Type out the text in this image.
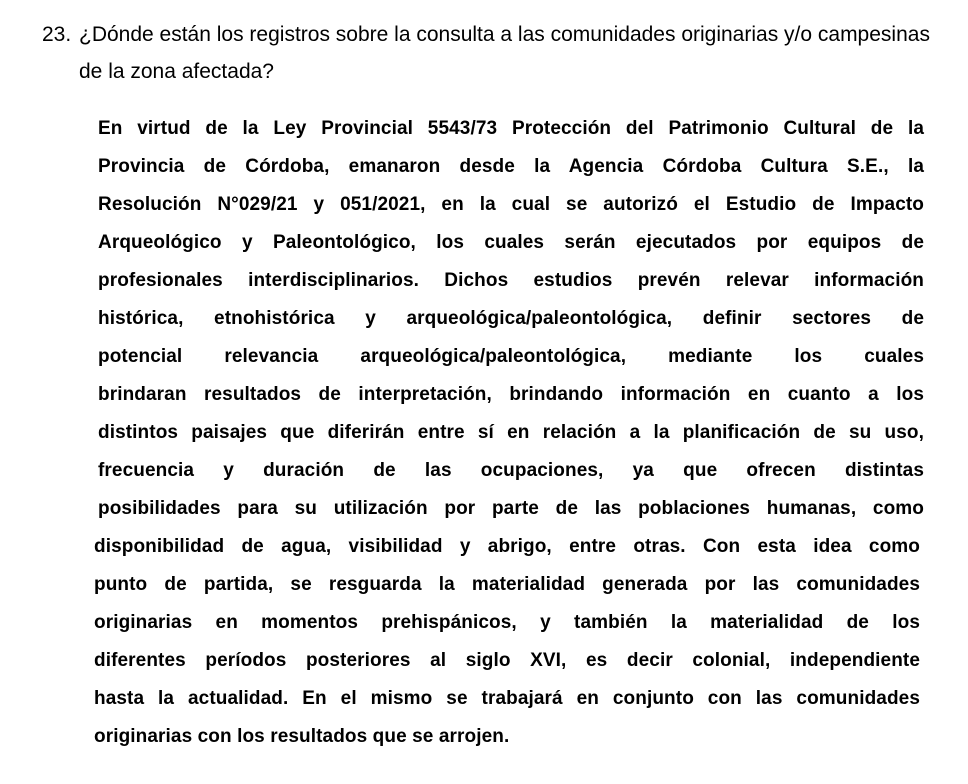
23. ¿Dónde están los registros sobre la consulta a las comunidades originarias y/o campesinas de la zona afectada?
En virtud de la Ley Provincial 5543/73 Protección del Patrimonio Cultural de la
Provincia de Córdoba, emanaron desde la Agencia Córdoba Cultura S.E., la
Resolución N°029/21 y 051/2021, en la cual se autorizó el Estudio de Impacto
Arqueológico y Paleontológico, los cuales serán ejecutados por equipos de
profesionales interdisciplinarios. Dichos estudios prevén relevar información
histórica, etnohistórica y arqueológica/paleontológica, definir sectores de
potencial relevancia arqueológica/paleontológica, mediante los cuales
brindaran resultados de interpretación, brindando información en cuanto a los
distintos paisajes que diferirán entre sí en relación a la planificación de su uso,
frecuencia y duración de las ocupaciones, ya que ofrecen distintas
posibilidades para su utilización por parte de las poblaciones humanas, como
disponibilidad de agua, visibilidad y abrigo, entre otras. Con esta idea como
punto de partida, se resguarda la materialidad generada por las comunidades
originarias en momentos prehispánicos, y también la materialidad de los
diferentes períodos posteriores al siglo XVI, es decir colonial, independiente
hasta la actualidad. En el mismo se trabajará en conjunto con las comunidades
originarias con los resultados que se arrojen.
